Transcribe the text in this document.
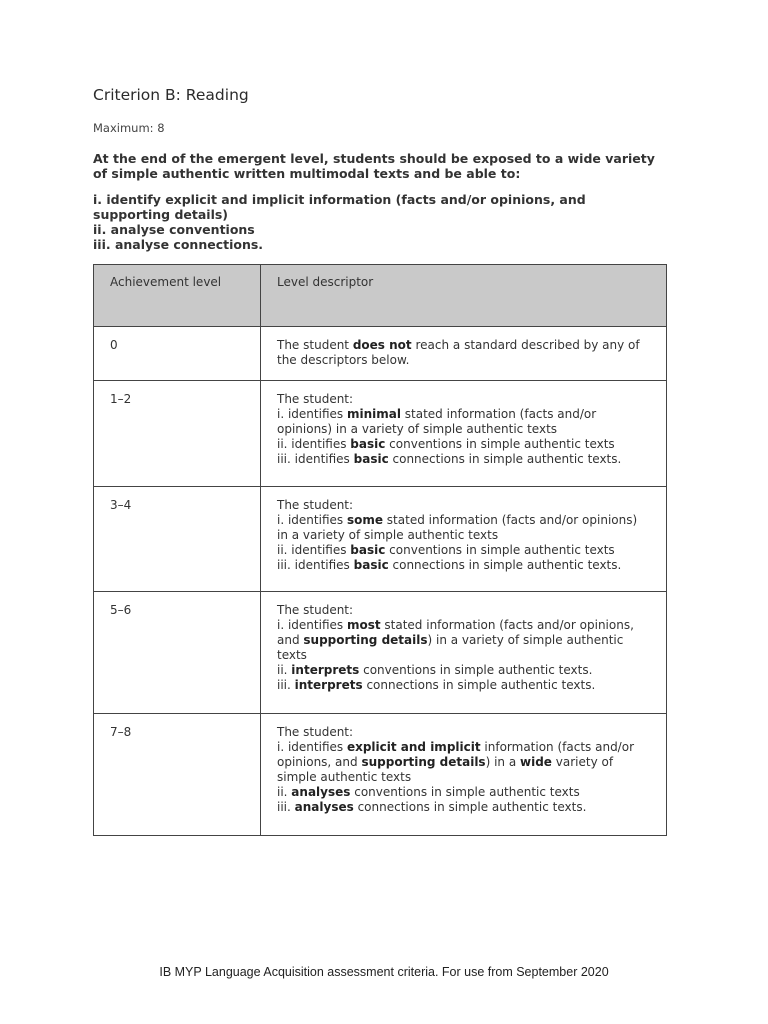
Criterion B: Reading
Maximum: 8
At the end of the emergent level, students should be exposed to a wide variety of simple authentic written multimodal texts and be able to:
i. identify explicit and implicit information (facts and/or opinions, and supporting details)
ii. analyse conventions
iii. analyse connections.
Achievement level	Level descriptor
0	The student does not reach a standard described by any of the descriptors below.

1–2	The student:
i. identifies minimal stated information (facts and/or opinions) in a variety of simple authentic texts
ii. identifies basic conventions in simple authentic texts
iii. identifies basic connections in simple authentic texts.

3–4	The student:
i. identifies some stated information (facts and/or opinions) in a variety of simple authentic texts
ii. identifies basic conventions in simple authentic texts
iii. identifies basic connections in simple authentic texts.

5–6	The student:
i. identifies most stated information (facts and/or opinions, and supporting details) in a variety of simple authentic texts
ii. interprets conventions in simple authentic texts.
iii. interprets connections in simple authentic texts.

7–8	The student:
i. identifies explicit and implicit information (facts and/or opinions, and supporting details) in a wide variety of simple authentic texts
ii. analyses conventions in simple authentic texts
iii. analyses connections in simple authentic texts.
IB MYP Language Acquisition assessment criteria. For use from September 2020
